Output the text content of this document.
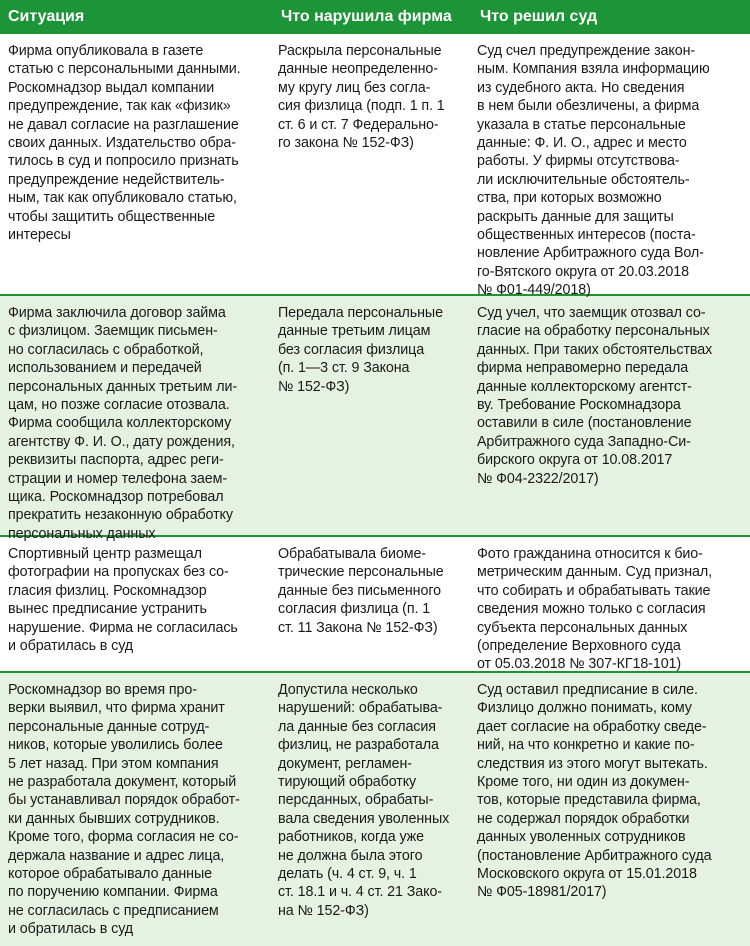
Ситуация	Что нарушила фирма	Что решил суд
Фирма опубликовала в газете
статью с персональными данными.
Роскомнадзор выдал компании
предупреждение, так как «физик»
не давал согласие на разглашение
своих данных. Издательство обра-
тилось в суд и попросило признать
предупреждение недействитель-
ным, так как опубликовало статью,
чтобы защитить общественные
интересы
Раскрыла персональные
данные неопределенно-
му кругу лиц без согла-
сия физлица (подп. 1 п. 1
ст. 6 и ст. 7 Федерально-
го закона № 152-ФЗ)
Суд счел предупреждение закон-
ным. Компания взяла информацию
из судебного акта. Но сведения
в нем были обезличены, а фирма
указала в статье персональные
данные: Ф. И. О., адрес и место
работы. У фирмы отсутствова-
ли исключительные обстоятель-
ства, при которых возможно
раскрыть данные для защиты
общественных интересов (поста-
новление Арбитражного суда Вол-
го-Вятского округа от 20.03.2018
№ Ф01-449/2018)
Фирма заключила договор займа
с физлицом. Заемщик письмен-
но согласилась с обработкой,
использованием и передачей
персональных данных третьим ли-
цам, но позже согласие отозвала.
Фирма сообщила коллекторскому
агентству Ф. И. О., дату рождения,
реквизиты паспорта, адрес реги-
страции и номер телефона заем-
щика. Роскомнадзор потребовал
прекратить незаконную обработку
персональных данных
Передала персональные
данные третьим лицам
без согласия физлица
(п. 1—3 ст. 9 Закона
№ 152-ФЗ)
Суд учел, что заемщик отозвал со-
гласие на обработку персональных
данных. При таких обстоятельствах
фирма неправомерно передала
данные коллекторскому агентст-
ву. Требование Роскомнадзора
оставили в силе (постановление
Арбитражного суда Западно-Си-
бирского округа от 10.08.2017
№ Ф04-2322/2017)
Спортивный центр размещал
фотографии на пропусках без со-
гласия физлиц. Роскомнадзор
вынес предписание устранить
нарушение. Фирма не согласилась
и обратилась в суд
Обрабатывала биоме-
трические персональные
данные без письменного
согласия физлица (п. 1
ст. 11 Закона № 152-ФЗ)
Фото гражданина относится к био-
метрическим данным. Суд признал,
что собирать и обрабатывать такие
сведения можно только с согласия
субъекта персональных данных
(определение Верховного суда
от 05.03.2018 № 307-КГ18-101)
Роскомнадзор во время про-
верки выявил, что фирма хранит
персональные данные сотруд-
ников, которые уволились более
5 лет назад. При этом компания
не разработала документ, который
бы устанавливал порядок обработ-
ки данных бывших сотрудников.
Кроме того, форма согласия не со-
держала название и адрес лица,
которое обрабатывало данные
по поручению компании. Фирма
не согласилась с предписанием
и обратилась в суд
Допустила несколько
нарушений: обрабатыва-
ла данные без согласия
физлиц, не разработала
документ, регламен-
тирующий обработку
персданных, обрабаты-
вала сведения уволенных
работников, когда уже
не должна была этого
делать (ч. 4 ст. 9, ч. 1
ст. 18.1 и ч. 4 ст. 21 Зако-
на № 152-ФЗ)
Суд оставил предписание в силе.
Физлицо должно понимать, кому
дает согласие на обработку сведе-
ний, на что конкретно и какие по-
следствия из этого могут вытекать.
Кроме того, ни один из докумен-
тов, которые представила фирма,
не содержал порядок обработки
данных уволенных сотрудников
(постановление Арбитражного суда
Московского округа от 15.01.2018
№ Ф05-18981/2017)
